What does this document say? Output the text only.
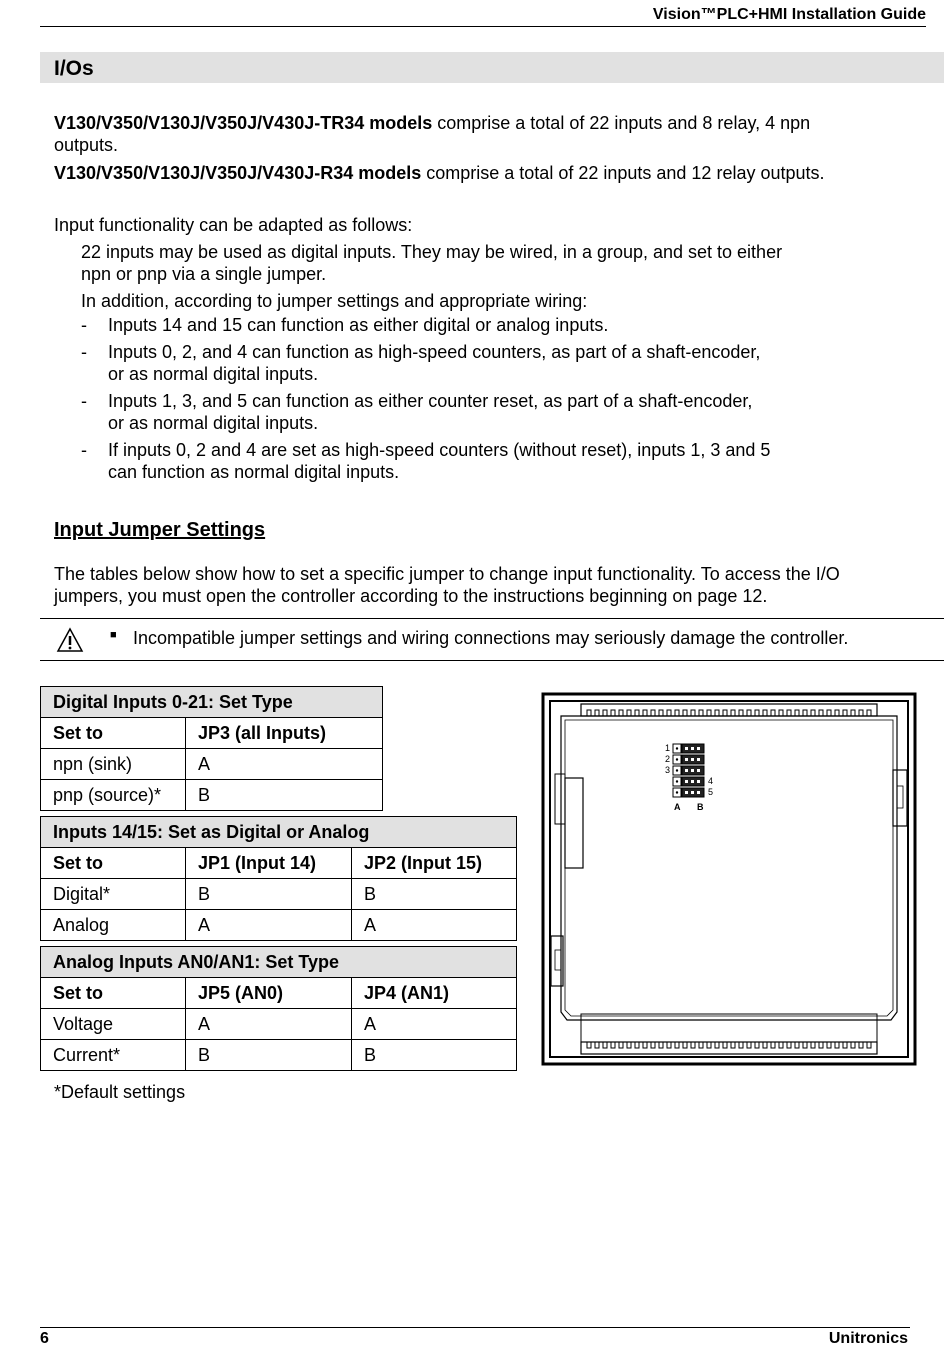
Vision™PLC+HMI Installation Guide
I/Os
V130/V350/V130J/V350J/V430J-TR34 models comprise a total of 22 inputs and 8 relay, 4 npn
outputs.
V130/V350/V130J/V350J/V430J-R34 models comprise a total of 22 inputs and 12 relay outputs.
Input functionality can be adapted as follows:
22 inputs may be used as digital inputs. They may be wired, in a group, and set to either
npn or pnp via a single jumper.
In addition, according to jumper settings and appropriate wiring:
- Inputs 14 and 15 can function as either digital or analog inputs.
- Inputs 0, 2, and 4 can function as high-speed counters, as part of a shaft-encoder,
or as normal digital inputs.
- Inputs 1, 3, and 5 can function as either counter reset, as part of a shaft-encoder,
or as normal digital inputs.
- If inputs 0, 2 and 4 are set as high-speed counters (without reset), inputs 1, 3 and 5
can function as normal digital inputs.
Input Jumper Settings
The tables below show how to set a specific jumper to change input functionality. To access the I/O
jumpers, you must open the controller according to the instructions beginning on page 12.
■ Incompatible jumper settings and wiring connections may seriously damage the controller.
Digital Inputs 0-21: Set Type	
Set to	JP3 (all Inputs)
npn (sink)	A
pnp (source)*	B
Inputs 14/15: Set as Digital or Analog		
Set to	JP1 (Input 14)	JP2 (Input 15)
Digital*	B	B
Analog	A	A
Analog Inputs AN0/AN1: Set Type		
Set to	JP5 (AN0)	JP4 (AN1)
Voltage	A	A
Current*	B	B
*Default settings
1
2
3
4
5
A B
6	Unitronics
